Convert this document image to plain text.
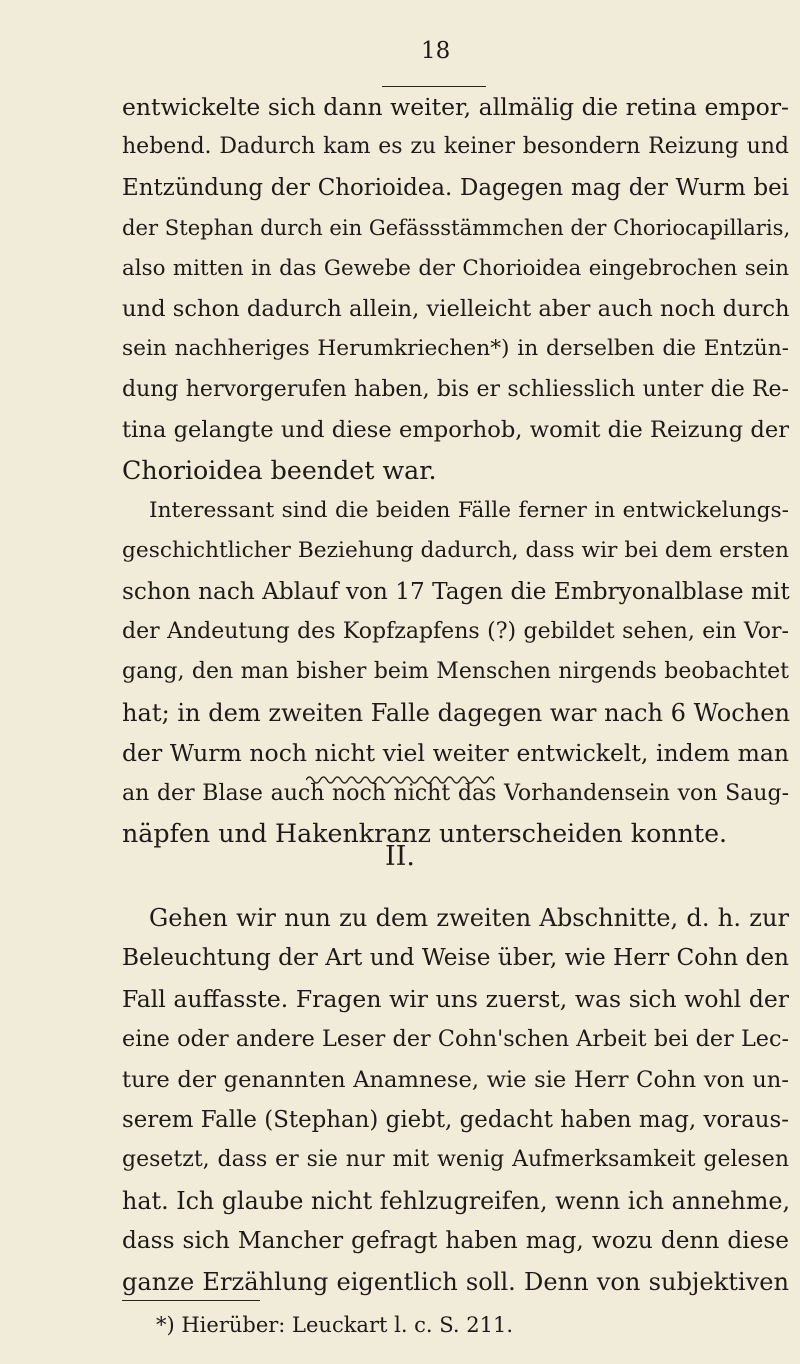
18
entwickelte sich dann weiter, allmälig die retina empor-
hebend. Dadurch kam es zu keiner besondern Reizung und
Entzündung der Chorioidea. Dagegen mag der Wurm bei
der Stephan durch ein Gefässstämmchen der Choriocapillaris,
also mitten in das Gewebe der Chorioidea eingebrochen sein
und schon dadurch allein, vielleicht aber auch noch durch
sein nachheriges Herumkriechen*) in derselben die Entzün-
dung hervorgerufen haben, bis er schliesslich unter die Re-
tina gelangte und diese emporhob, womit die Reizung der
Chorioidea beendet war.
Interessant sind die beiden Fälle ferner in entwickelungs-
geschichtlicher Beziehung dadurch, dass wir bei dem ersten
schon nach Ablauf von 17 Tagen die Embryonalblase mit
der Andeutung des Kopfzapfens (?) gebildet sehen, ein Vor-
gang, den man bisher beim Menschen nirgends beobachtet
hat; in dem zweiten Falle dagegen war nach 6 Wochen
der Wurm noch nicht viel weiter entwickelt, indem man
an der Blase auch noch nicht das Vorhandensein von Saug-
näpfen und Hakenkranz unterscheiden konnte.
II.
Gehen wir nun zu dem zweiten Abschnitte, d. h. zur
Beleuchtung der Art und Weise über, wie Herr Cohn den
Fall auffasste. Fragen wir uns zuerst, was sich wohl der
eine oder andere Leser der Cohn'schen Arbeit bei der Lec-
ture der genannten Anamnese, wie sie Herr Cohn von un-
serem Falle (Stephan) giebt, gedacht haben mag, voraus-
gesetzt, dass er sie nur mit wenig Aufmerksamkeit gelesen
hat. Ich glaube nicht fehlzugreifen, wenn ich annehme,
dass sich Mancher gefragt haben mag, wozu denn diese
ganze Erzählung eigentlich soll. Denn von subjektiven

*) Hierüber: Leuckart l. c. S. 211.
